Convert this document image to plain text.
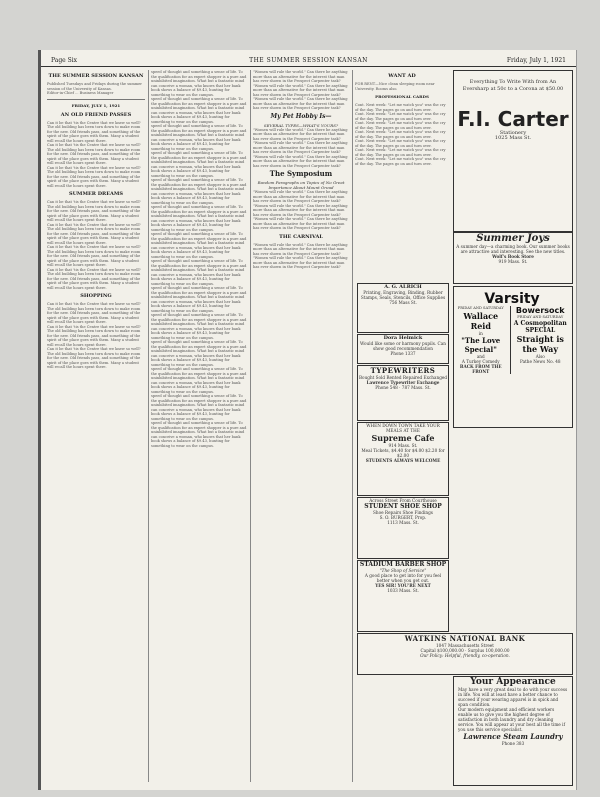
Page Six	THE SUMMER SESSION KANSAN	Friday, July 1, 1921
THE SUMMER SESSION KANSAN

Published Tuesdays and Fridays during the summer session of the University of Kansas.

Editor-in-Chief ... Business Manager

FRIDAY, JULY 1, 1921
AN OLD FRIEND PASSES

Can it be that 'tis the Centre that we knew so well? The old building has been torn down to make room for the new. Old friends pass, and something of the spirit of the place goes with them. Many a student will recall the hours spent there.

Can it be that 'tis the Centre that we knew so well? The old building has been torn down to make room for the new. Old friends pass, and something of the spirit of the place goes with them. Many a student will recall the hours spent there.

Can it be that 'tis the Centre that we knew so well? The old building has been torn down to make room for the new. Old friends pass, and something of the spirit of the place goes with them. Many a student will recall the hours spent there.

SUMMER DREAMS

Can it be that 'tis the Centre that we knew so well? The old building has been torn down to make room for the new. Old friends pass, and something of the spirit of the place goes with them. Many a student will recall the hours spent there.

Can it be that 'tis the Centre that we knew so well? The old building has been torn down to make room for the new. Old friends pass, and something of the spirit of the place goes with them. Many a student will recall the hours spent there.

Can it be that 'tis the Centre that we knew so well? The old building has been torn down to make room for the new. Old friends pass, and something of the spirit of the place goes with them. Many a student will recall the hours spent there.

Can it be that 'tis the Centre that we knew so well? The old building has been torn down to make room for the new. Old friends pass, and something of the spirit of the place goes with them. Many a student will recall the hours spent there.

SHOPPING

Can it be that 'tis the Centre that we knew so well? The old building has been torn down to make room for the new. Old friends pass, and something of the spirit of the place goes with them. Many a student will recall the hours spent there.

Can it be that 'tis the Centre that we knew so well? The old building has been torn down to make room for the new. Old friends pass, and something of the spirit of the place goes with them. Many a student will recall the hours spent there.

Can it be that 'tis the Centre that we knew so well? The old building has been torn down to make room for the new. Old friends pass, and something of the spirit of the place goes with them. Many a student will recall the hours spent there.

speed of thought and something a sense of life. To the qualification for an expert shopper is a pure and uninhibited imagination. What but a fantastic mind can conceive a woman, who knows that her bank book shows a balance of $9.43, hunting for something to wear on the campus.

speed of thought and something a sense of life. To the qualification for an expert shopper is a pure and uninhibited imagination. What but a fantastic mind can conceive a woman, who knows that her bank book shows a balance of $9.43, hunting for something to wear on the campus.

speed of thought and something a sense of life. To the qualification for an expert shopper is a pure and uninhibited imagination. What but a fantastic mind can conceive a woman, who knows that her bank book shows a balance of $9.43, hunting for something to wear on the campus.

speed of thought and something a sense of life. To the qualification for an expert shopper is a pure and uninhibited imagination. What but a fantastic mind can conceive a woman, who knows that her bank book shows a balance of $9.43, hunting for something to wear on the campus.

speed of thought and something a sense of life. To the qualification for an expert shopper is a pure and uninhibited imagination. What but a fantastic mind can conceive a woman, who knows that her bank book shows a balance of $9.43, hunting for something to wear on the campus.

speed of thought and something a sense of life. To the qualification for an expert shopper is a pure and uninhibited imagination. What but a fantastic mind can conceive a woman, who knows that her bank book shows a balance of $9.43, hunting for something to wear on the campus.

speed of thought and something a sense of life. To the qualification for an expert shopper is a pure and uninhibited imagination. What but a fantastic mind can conceive a woman, who knows that her bank book shows a balance of $9.43, hunting for something to wear on the campus.

speed of thought and something a sense of life. To the qualification for an expert shopper is a pure and uninhibited imagination. What but a fantastic mind can conceive a woman, who knows that her bank book shows a balance of $9.43, hunting for something to wear on the campus.

speed of thought and something a sense of life. To the qualification for an expert shopper is a pure and uninhibited imagination. What but a fantastic mind can conceive a woman, who knows that her bank book shows a balance of $9.43, hunting for something to wear on the campus.

speed of thought and something a sense of life. To the qualification for an expert shopper is a pure and uninhibited imagination. What but a fantastic mind can conceive a woman, who knows that her bank book shows a balance of $9.43, hunting for something to wear on the campus.

speed of thought and something a sense of life. To the qualification for an expert shopper is a pure and uninhibited imagination. What but a fantastic mind can conceive a woman, who knows that her bank book shows a balance of $9.43, hunting for something to wear on the campus.

speed of thought and something a sense of life. To the qualification for an expert shopper is a pure and uninhibited imagination. What but a fantastic mind can conceive a woman, who knows that her bank book shows a balance of $9.43, hunting for something to wear on the campus.

speed of thought and something a sense of life. To the qualification for an expert shopper is a pure and uninhibited imagination. What but a fantastic mind can conceive a woman, who knows that her bank book shows a balance of $9.43, hunting for something to wear on the campus.

speed of thought and something a sense of life. To the qualification for an expert shopper is a pure and uninhibited imagination. What but a fantastic mind can conceive a woman, who knows that her bank book shows a balance of $9.43, hunting for something to wear on the campus.

"Women will rule the world." Can there be anything more than an alternative for the interest that man has ever shown in the Prospect Carpenter task?

"Women will rule the world." Can there be anything more than an alternative for the interest that man has ever shown in the Prospect Carpenter task?

"Women will rule the world." Can there be anything more than an alternative for the interest that man has ever shown in the Prospect Carpenter task?

My Pet Hobby Is—
SEVERAL TYPES—WHAT'S YOURS?

"Women will rule the world." Can there be anything more than an alternative for the interest that man has ever shown in the Prospect Carpenter task?

"Women will rule the world." Can there be anything more than an alternative for the interest that man has ever shown in the Prospect Carpenter task?

"Women will rule the world." Can there be anything more than an alternative for the interest that man has ever shown in the Prospect Carpenter task?

The Symposium
Random Paragraphs on Topics of No Great Importance About Mount Oread

"Women will rule the world." Can there be anything more than an alternative for the interest that man has ever shown in the Prospect Carpenter task?

"Women will rule the world." Can there be anything more than an alternative for the interest that man has ever shown in the Prospect Carpenter task?

"Women will rule the world." Can there be anything more than an alternative for the interest that man has ever shown in the Prospect Carpenter task?

THE CARNIVAL

"Women will rule the world." Can there be anything more than an alternative for the interest that man has ever shown in the Prospect Carpenter task?

"Women will rule the world." Can there be anything more than an alternative for the interest that man has ever shown in the Prospect Carpenter task?

WANT AD

FOR RENT—Nice clean sleeping room near University. Rooms also.

PROFESSIONAL CARDS

Cont. Next week: "Let me watch you" was the cry of the day. The pages go on and turn over.

Cont. Next week: "Let me watch you" was the cry of the day. The pages go on and turn over.

Cont. Next week: "Let me watch you" was the cry of the day. The pages go on and turn over.

Cont. Next week: "Let me watch you" was the cry of the day. The pages go on and turn over.

Cont. Next week: "Let me watch you" was the cry of the day. The pages go on and turn over.

Cont. Next week: "Let me watch you" was the cry of the day. The pages go on and turn over.

Cont. Next week: "Let me watch you" was the cry of the day. The pages go on and turn over.

A. G. ALRICH
Printing, Engraving, Binding, Rubber Stamps, Seals, Stencils, Office Supplies
756 Mass St.
Dora Helmick
Would like some or harmony pupils. Can show good recommendation
Phone 1337
TYPEWRITERS
Bought Sold Rented Repaired Exchanged
Lawrence Typewriter Exchange
Phone 548 · 787 Mass. St.
WHEN DOWN TOWN TAKE YOUR MEALS AT THE
Supreme Cafe
914 Mass. St.
Meal Tickets, $4.40 for $4.00 $2.20 for $2.00
STUDENTS ALWAYS WELCOME
Across Street From Courthouse
STUDENT SHOE SHOP
Shoe Repairs Shoe Findings
S. O. BURGERT, Prop.
1113 Mass. St.
STADIUM BARBER SHOP
"The Shop of Service"
A good place to get into for you feel better when you get out.
YES SIR! YOU'RE NEXT
1033 Mass. St.
Everything To Write With from An Eversharp at 50c to a Corona at $50.00
F.I. Carter
Stationery
1025 Mass St.
Summer Joys
A summer day—a charming book. Our summer books are attractive and interesting. See the new titles.
Wolf's Book Store
919 Mass. St.
Varsity
WATKINS NATIONAL BANK
1047 Massachusetts Street
Capital $100,000.00 · Surplus 100,000.00
Our Policy: Helpful, friendly, co-operation.
Your Appearance
May have a very great deal to do with your success in life. You will at least have a better chance to succeed if your wearing apparel is in spick and span condition.
Our modern equipment and efficient workers enable us to give you the highest degree of satisfaction in both laundry and dry cleaning service. You will appear at your best all the time if you use this service specialist.
Lawrence Steam Laundry
Phone 383
FRIDAY AND SATURDAY
Wallace Reid
in
"The Love Special"
and
A Turkey Comedy
BACK FROM THE FRONT
Bowersock
FRIDAY AND SATURDAY
A Cosmopolitan SPECIAL
Straight is the Way
Also
Pathe News No. 48
